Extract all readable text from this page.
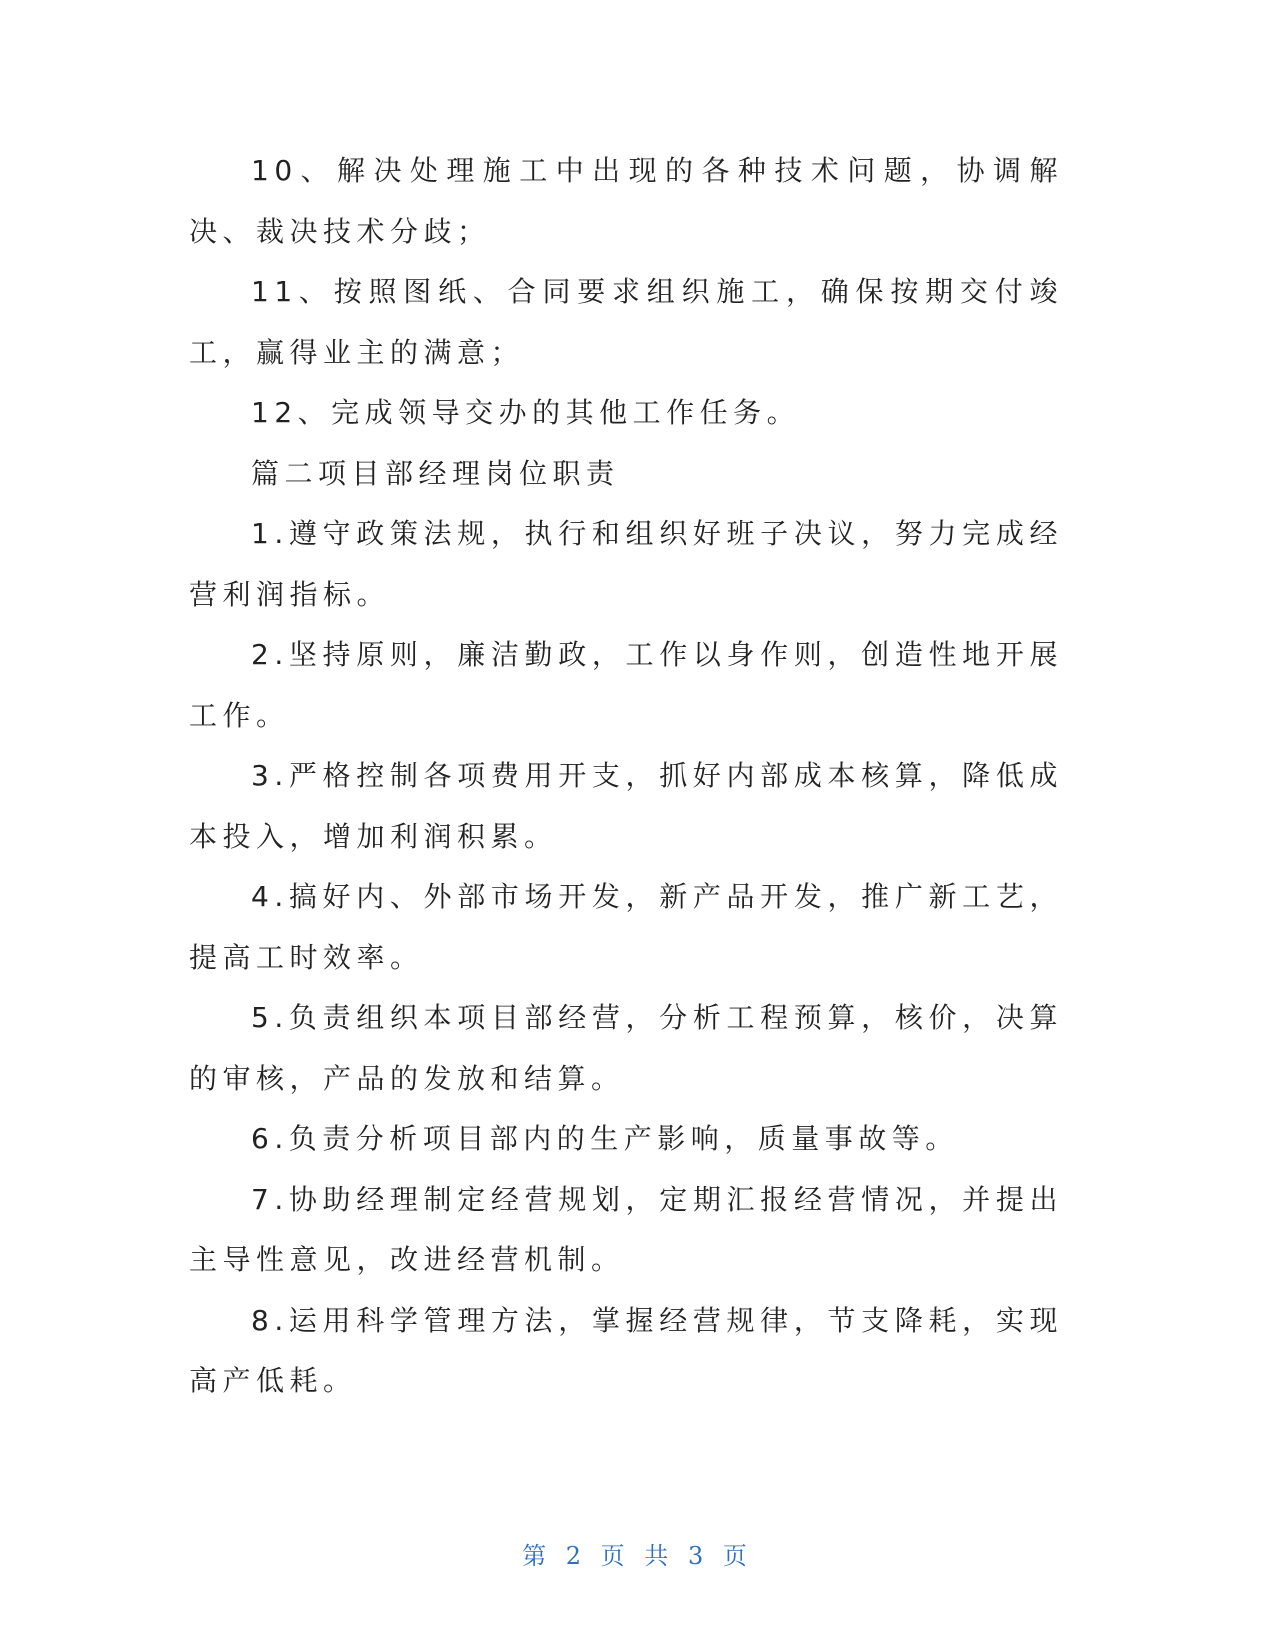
10、解决处理施工中出现的各种技术问题，协调解决、裁决技术分歧；

11、按照图纸、合同要求组织施工，确保按期交付竣工，赢得业主的满意；

12、完成领导交办的其他工作任务。

篇二项目部经理岗位职责

1.遵守政策法规，执行和组织好班子决议，努力完成经营利润指标。

2.坚持原则，廉洁勤政，工作以身作则，创造性地开展工作。

3.严格控制各项费用开支，抓好内部成本核算，降低成本投入，增加利润积累。

4.搞好内、外部市场开发，新产品开发，推广新工艺，提高工时效率。

5.负责组织本项目部经营，分析工程预算，核价，决算的审核，产品的发放和结算。

6.负责分析项目部内的生产影响，质量事故等。

7.协助经理制定经营规划，定期汇报经营情况，并提出主导性意见，改进经营机制。

8.运用科学管理方法，掌握经营规律，节支降耗，实现高产低耗。

第 2 页 共 3 页
